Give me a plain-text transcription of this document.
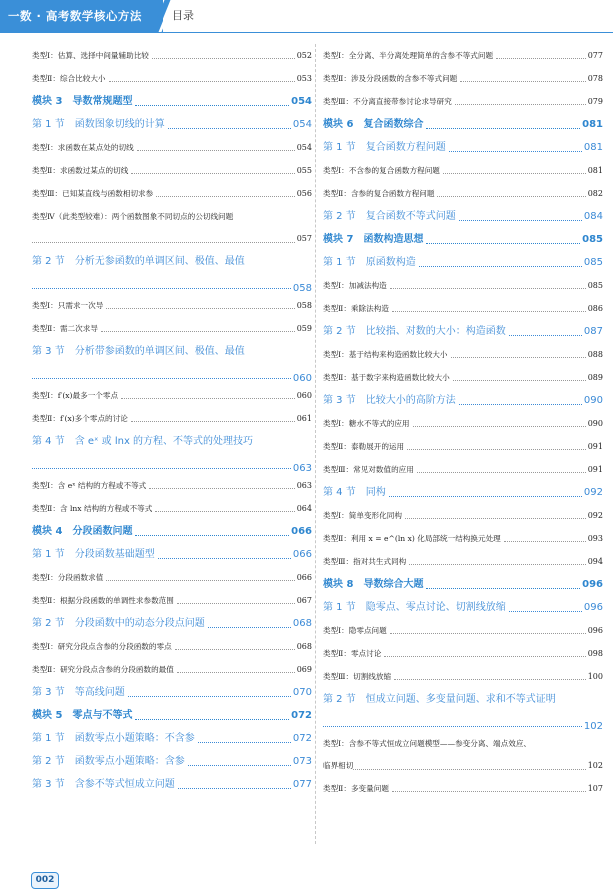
一数 · 高考数学核心方法	目录
类型Ⅰ：估算、选择中间量辅助比较	052
类型Ⅱ：综合比较大小	053
模块 3　导数常规题型	054
第 1 节　函数图象切线的计算	054
类型Ⅰ：求函数在某点处的切线	054
类型Ⅱ：求函数过某点的切线	055
类型Ⅲ：已知某直线与函数相切求参	056
类型Ⅳ（此类型较难）：两个函数图象不同切点的公切线问题
057
第 2 节　分析无参函数的单调区间、极值、最值
058
类型Ⅰ：只需求一次导	058
类型Ⅱ：需二次求导	059
第 3 节　分析带参函数的单调区间、极值、最值
060
类型Ⅰ：f′(x)最多一个零点	060
类型Ⅱ：f′(x)多个零点的讨论	061
第 4 节　含 eˣ 或 lnx 的方程、不等式的处理技巧
063
类型Ⅰ：含 eˣ 结构的方程或不等式	063
类型Ⅱ：含 lnx 结构的方程或不等式	064
模块 4　分段函数问题	066
第 1 节　分段函数基础题型	066
类型Ⅰ：分段函数求值	066
类型Ⅱ：根据分段函数的单调性求参数范围	067
第 2 节　分段函数中的动态分段点问题	068
类型Ⅰ：研究分段点含参的分段函数的零点	068
类型Ⅱ：研究分段点含参的分段函数的最值	069
第 3 节　等高线问题	070
模块 5　零点与不等式	072
第 1 节　函数零点小题策略：不含参	072
第 2 节　函数零点小题策略：含参	073
第 3 节　含参不等式恒成立问题	077
类型Ⅰ：全分离、半分离处理简单的含参不等式问题	077
类型Ⅱ：涉及分段函数的含参不等式问题	078
类型Ⅲ：不分离直接带参讨论求导研究	079
模块 6　复合函数综合	081
第 1 节　复合函数方程问题	081
类型Ⅰ：不含参的复合函数方程问题	081
类型Ⅱ：含参的复合函数方程问题	082
第 2 节　复合函数不等式问题	084
模块 7　函数构造思想	085
第 1 节　原函数构造	085
类型Ⅰ：加减法构造	085
类型Ⅱ：乘除法构造	086
第 2 节　比较指、对数的大小：构造函数	087
类型Ⅰ：基于结构来构造函数比较大小	088
类型Ⅱ：基于数字来构造函数比较大小	089
第 3 节　比较大小的高阶方法	090
类型Ⅰ：糖水不等式的应用	090
类型Ⅱ：泰勒展开的运用	091
类型Ⅲ：常见对数值的应用	091
第 4 节　同构	092
类型Ⅰ：简单变形化同构	092
类型Ⅱ：利用 x = e^(ln x) 化局部统一结构换元处理	093
类型Ⅲ：指对共生式同构	094
模块 8　导数综合大题	096
第 1 节　隐零点、零点讨论、切割线放缩	096
类型Ⅰ：隐零点问题	096
类型Ⅱ：零点讨论	098
类型Ⅲ：切割线放缩	100
第 2 节　恒成立问题、多变量问题、求和不等式证明
102
类型Ⅰ：含参不等式恒成立问题模型——参变分离、端点效应、
临界相切	102
类型Ⅱ：多变量问题	107
002
